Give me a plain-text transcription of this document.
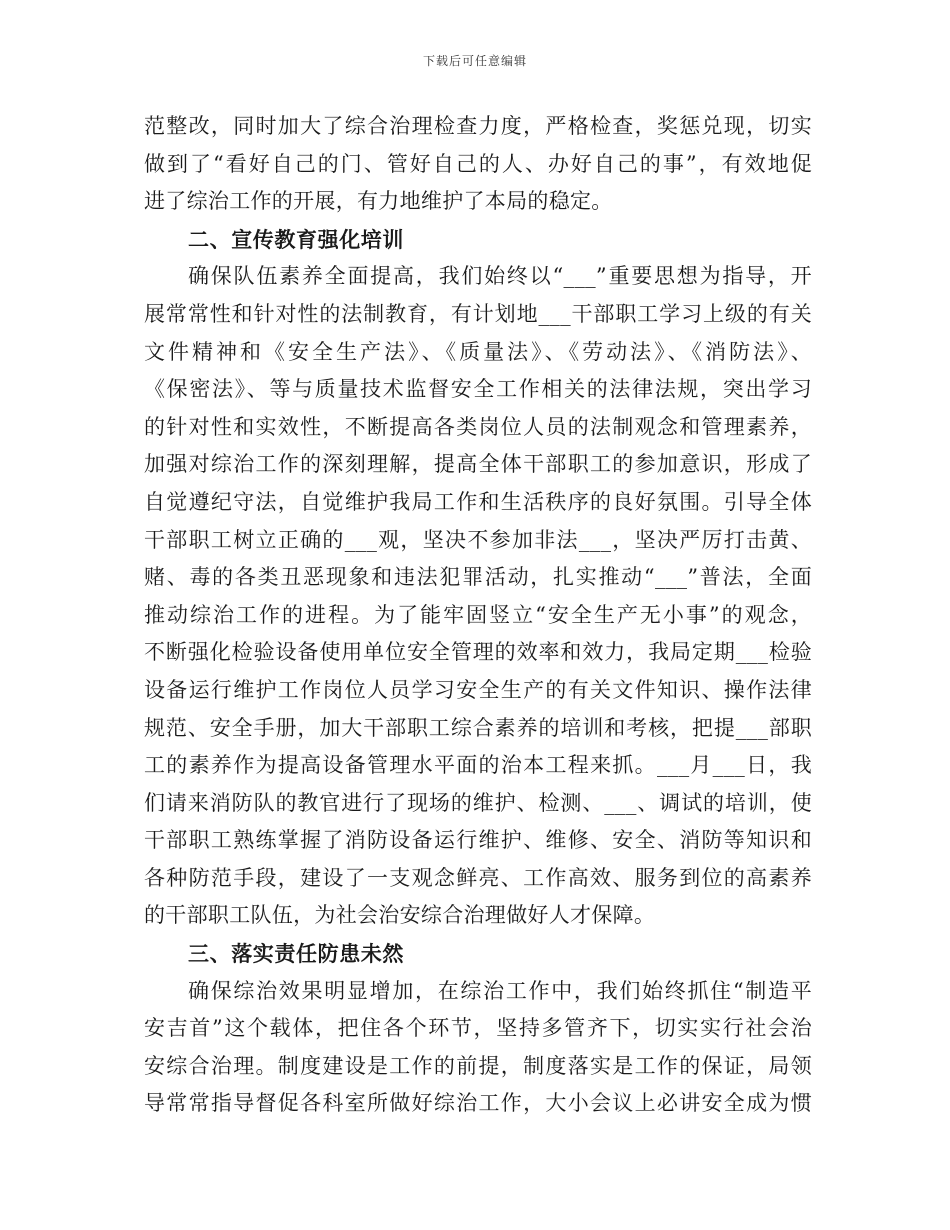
下载后可任意编辑
范整改，同时加大了综合治理检查力度，严格检查，奖惩兑现，切实
做到了“看好自己的门、管好自己的人、办好自己的事”，有效地促
进了综治工作的开展，有力地维护了本局的稳定。
二、宣传教育强化培训
确保队伍素养全面提高，我们始终以“___”重要思想为指导，开
展常常性和针对性的法制教育，有计划地___干部职工学习上级的有关
文件精神和《安全生产法》、《质量法》、《劳动法》、《消防法》、
《保密法》、等与质量技术监督安全工作相关的法律法规，突出学习
的针对性和实效性，不断提高各类岗位人员的法制观念和管理素养，
加强对综治工作的深刻理解，提高全体干部职工的参加意识，形成了
自觉遵纪守法，自觉维护我局工作和生活秩序的良好氛围。引导全体
干部职工树立正确的___观，坚决不参加非法___，坚决严厉打击黄、
赌、毒的各类丑恶现象和违法犯罪活动，扎实推动“___”普法，全面
推动综治工作的进程。为了能牢固竖立“安全生产无小事”的观念，
不断强化检验设备使用单位安全管理的效率和效力，我局定期___检验
设备运行维护工作岗位人员学习安全生产的有关文件知识、操作法律
规范、安全手册，加大干部职工综合素养的培训和考核，把提___部职
工的素养作为提高设备管理水平面的治本工程来抓。___月___日，我
们请来消防队的教官进行了现场的维护、检测、___、调试的培训，使
干部职工熟练掌握了消防设备运行维护、维修、安全、消防等知识和
各种防范手段，建设了一支观念鲜亮、工作高效、服务到位的高素养
的干部职工队伍，为社会治安综合治理做好人才保障。
三、落实责任防患未然
确保综治效果明显增加，在综治工作中，我们始终抓住“制造平
安吉首”这个载体，把住各个环节，坚持多管齐下，切实实行社会治
安综合治理。制度建设是工作的前提，制度落实是工作的保证，局领
导常常指导督促各科室所做好综治工作，大小会议上必讲安全成为惯
